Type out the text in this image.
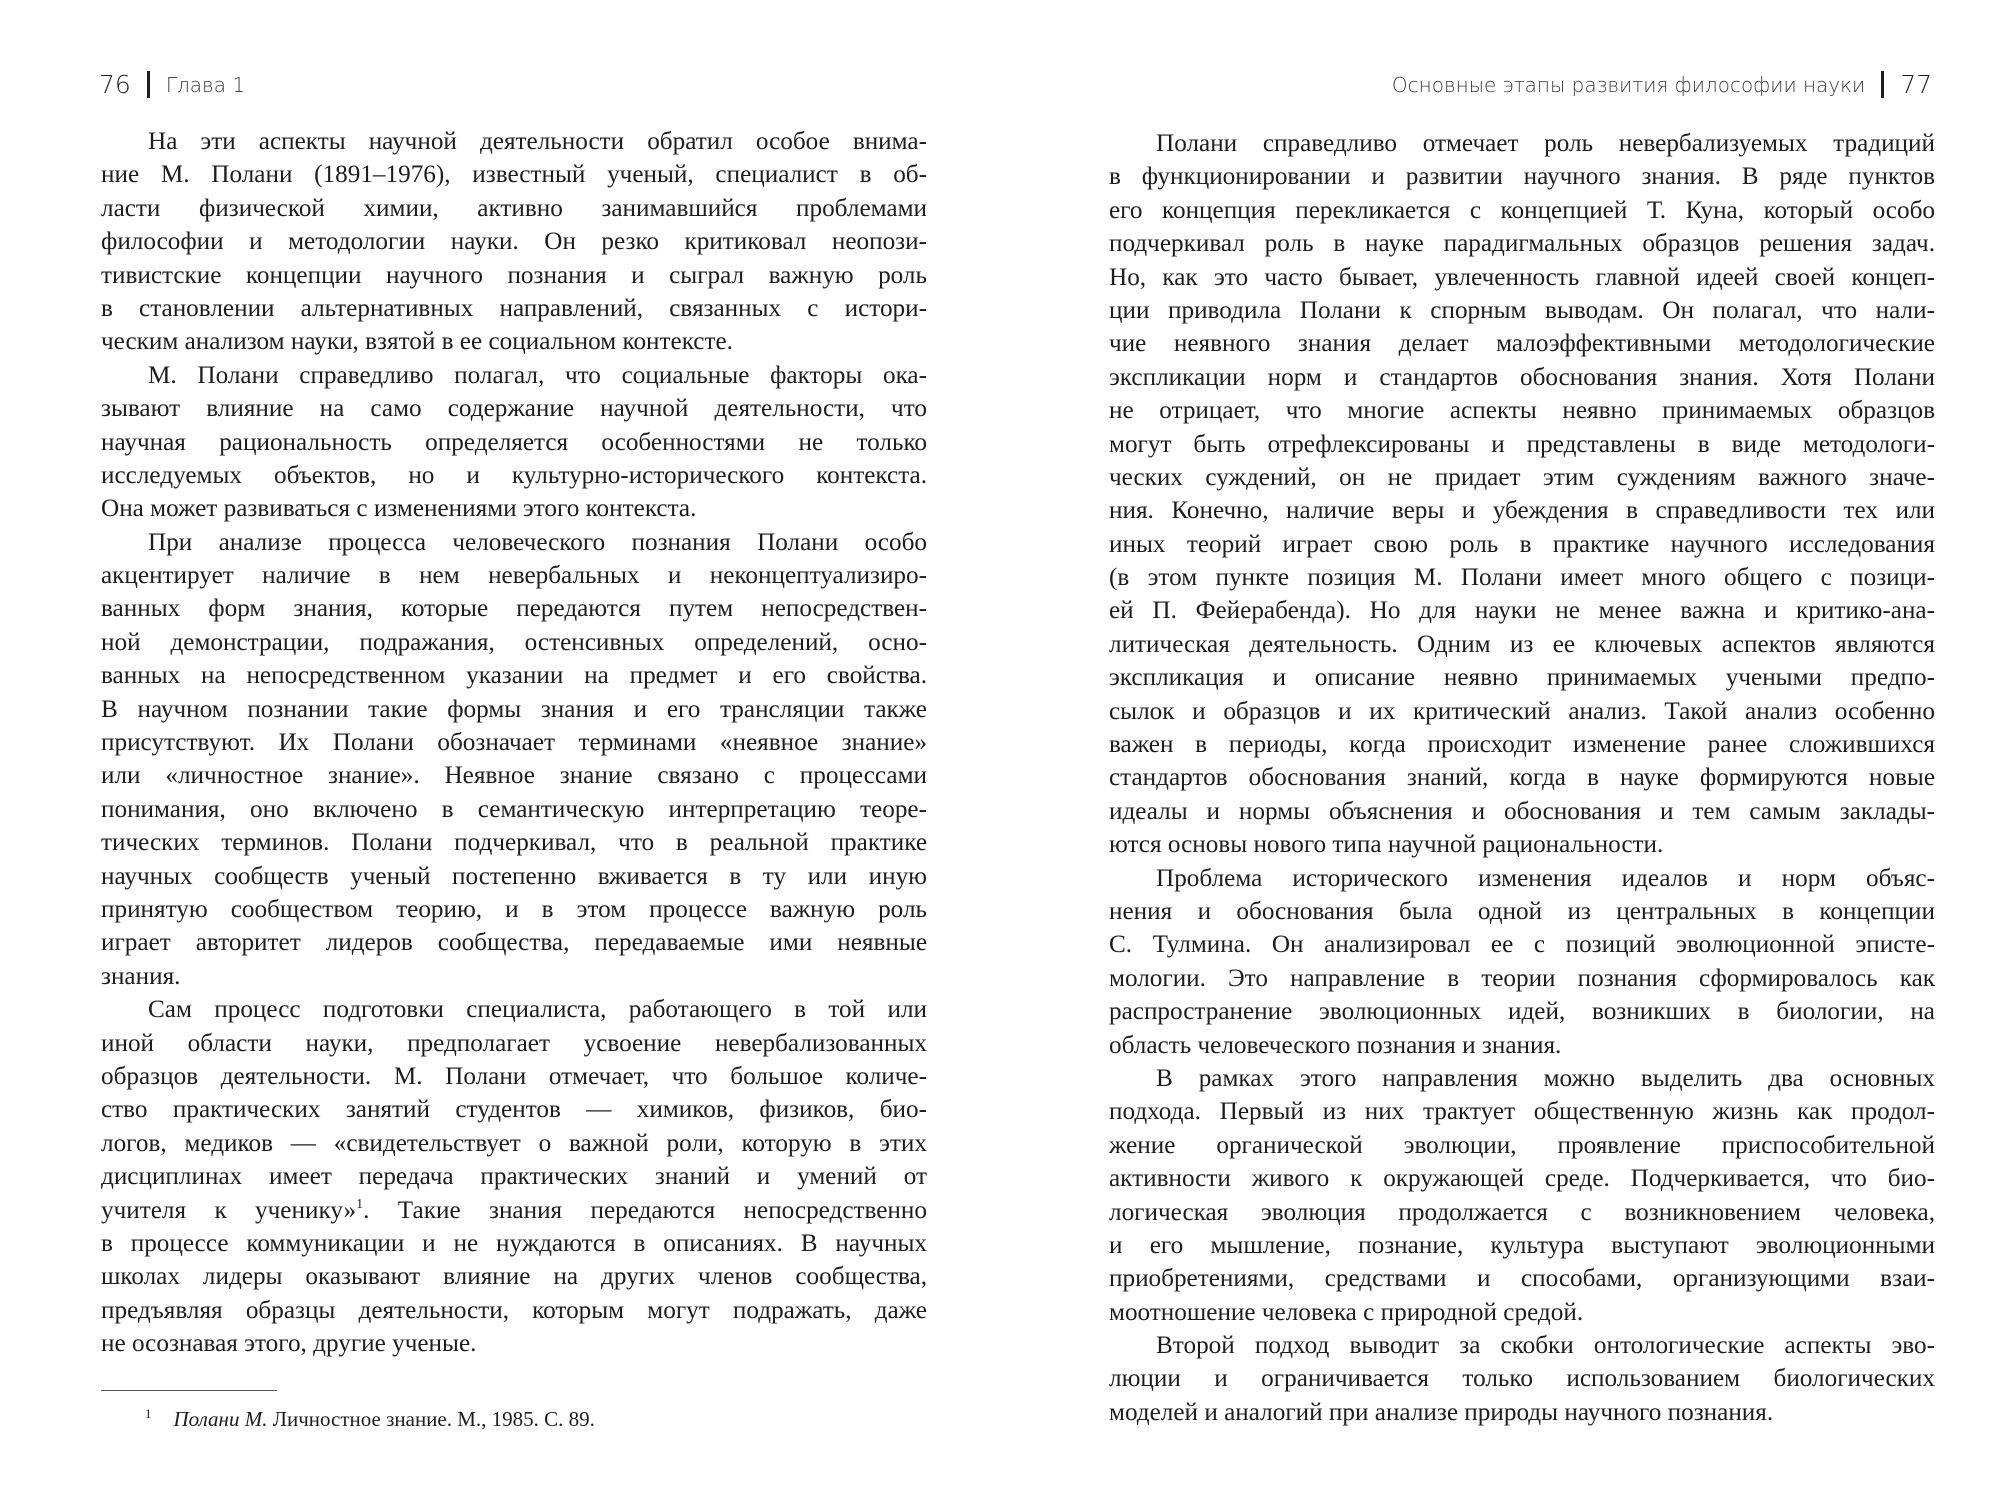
76 Глава 1
На эти аспекты научной деятельности обратил особое внима-
ние М. Полани (1891–1976), известный ученый, специалист в об-
ласти физической химии, активно занимавшийся проблемами
философии и методологии науки. Он резко критиковал неопози-
тивистские концепции научного познания и сыграл важную роль
в становлении альтернативных направлений, связанных с истори-
ческим анализом науки, взятой в ее социальном контексте.
М. Полани справедливо полагал, что социальные факторы ока-
зывают влияние на само содержание научной деятельности, что
научная рациональность определяется особенностями не только
исследуемых объектов, но и культурно-исторического контекста.
Она может развиваться с изменениями этого контекста.
При анализе процесса человеческого познания Полани особо
акцентирует наличие в нем невербальных и неконцептуализиро-
ванных форм знания, которые передаются путем непосредствен-
ной демонстрации, подражания, остенсивных определений, осно-
ванных на непосредственном указании на предмет и его свойства.
В научном познании такие формы знания и его трансляции также
присутствуют. Их Полани обозначает терминами «неявное знание»
или «личностное знание». Неявное знание связано с процессами
понимания, оно включено в семантическую интерпретацию теоре-
тических терминов. Полани подчеркивал, что в реальной практике
научных сообществ ученый постепенно вживается в ту или иную
принятую сообществом теорию, и в этом процессе важную роль
играет авторитет лидеров сообщества, передаваемые ими неявные
знания.
Сам процесс подготовки специалиста, работающего в той или
иной области науки, предполагает усвоение невербализованных
образцов деятельности. М. Полани отмечает, что большое количе-
ство практических занятий студентов — химиков, физиков, био-
логов, медиков — «свидетельствует о важной роли, которую в этих
дисциплинах имеет передача практических знаний и умений от
учителя к ученику»$^1$. Такие знания передаются непосредственно
в процессе коммуникации и не нуждаются в описаниях. В научных
школах лидеры оказывают влияние на других членов сообщества,
предъявляя образцы деятельности, которым могут подражать, даже
не осознавая этого, другие ученые.
$^1$ Полани М. Личностное знание. М., 1985. С. 89.
Основные этапы развития философии науки 77
Полани справедливо отмечает роль невербализуемых традиций
в функционировании и развитии научного знания. В ряде пунктов
его концепция перекликается с концепцией Т. Куна, который особо
подчеркивал роль в науке парадигмальных образцов решения задач.
Но, как это часто бывает, увлеченность главной идеей своей концеп-
ции приводила Полани к спорным выводам. Он полагал, что нали-
чие неявного знания делает малоэффективными методологические
экспликации норм и стандартов обоснования знания. Хотя Полани
не отрицает, что многие аспекты неявно принимаемых образцов
могут быть отрефлексированы и представлены в виде методологи-
ческих суждений, он не придает этим суждениям важного значе-
ния. Конечно, наличие веры и убеждения в справедливости тех или
иных теорий играет свою роль в практике научного исследования
(в этом пункте позиция М. Полани имеет много общего с позици-
ей П. Фейерабенда). Но для науки не менее важна и критико-ана-
литическая деятельность. Одним из ее ключевых аспектов являются
экспликация и описание неявно принимаемых учеными предпо-
сылок и образцов и их критический анализ. Такой анализ особенно
важен в периоды, когда происходит изменение ранее сложившихся
стандартов обоснования знаний, когда в науке формируются новые
идеалы и нормы объяснения и обоснования и тем самым заклады-
ются основы нового типа научной рациональности.
Проблема исторического изменения идеалов и норм объяс-
нения и обоснования была одной из центральных в концепции
С. Тулмина. Он анализировал ее с позиций эволюционной эписте-
мологии. Это направление в теории познания сформировалось как
распространение эволюционных идей, возникших в биологии, на
область человеческого познания и знания.
В рамках этого направления можно выделить два основных
подхода. Первый из них трактует общественную жизнь как продол-
жение органической эволюции, проявление приспособительной
активности живого к окружающей среде. Подчеркивается, что био-
логическая эволюция продолжается с возникновением человека,
и его мышление, познание, культура выступают эволюционными
приобретениями, средствами и способами, организующими взаи-
моотношение человека с природной средой.
Второй подход выводит за скобки онтологические аспекты эво-
люции и ограничивается только использованием биологических
моделей и аналогий при анализе природы научного познания.
